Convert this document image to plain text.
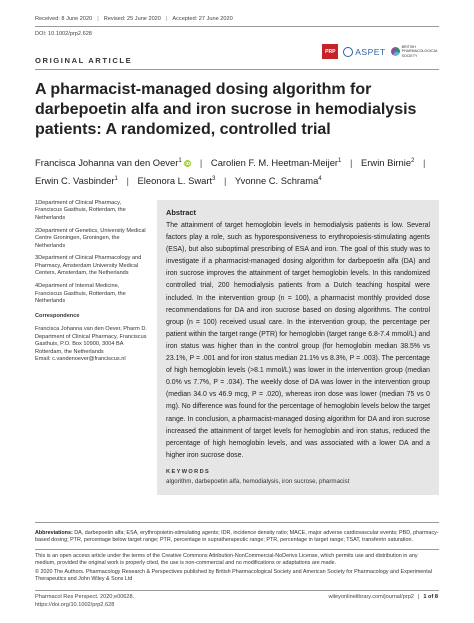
Received: 8 June 2020 | Revised: 25 June 2020 | Accepted: 27 June 2020
DOI: 10.1002/prp2.628
PRP	ASPET	BRITISH
PHARMACOLOGICAL
SOCIETY
ORIGINAL ARTICLE
A pharmacist-managed dosing algorithm for darbepoetin alfa and iron sucrose in hemodialysis patients: A randomized, controlled trial
Francisca Johanna van den Oever$^1$ iD | Carolien F. M. Heetman-Meijer$^1$ | Erwin Birnie$^2$ |
Erwin C. Vasbinder$^1$ | Eleonora L. Swart$^3$ | Yvonne C. Schrama$^4$

1Department of Clinical Pharmacy, Franciscus Gasthuis, Rotterdam, the Netherlands

2Department of Genetics, University Medical Centre Groningen, Groningen, the Netherlands

3Department of Clinical Pharmacology and Pharmacy, Amsterdam University Medical Centers, Amsterdam, the Netherlands

4Department of Internal Medicine, Franciscus Gasthuis, Rotterdam, the Netherlands

Correspondence

Francisca Johanna van den Oever, Pharm D. Department of Clinical Pharmacy, Franciscus Gasthuis, P.O. Box 10900, 3004 BA Rotterdam, the Netherlands

Email: c.vandenoever@franciscus.nl

Abstract

The attainment of target hemoglobin levels in hemodialysis patients is low. Several factors play a role, such as hyporesponsiveness to erythropoiesis-stimulating agents (ESA), but also suboptimal prescribing of ESA and iron. The goal of this study was to investigate if a pharmacist-managed dosing algorithm for darbepoetin alfa (DA) and iron sucrose improves the attainment of target hemoglobin levels. In this randomized controlled trial, 200 hemodialysis patients from a Dutch teaching hospital were included. In the intervention group (n = 100), a pharmacist monthly provided dose recommendations for DA and iron sucrose based on dosing algorithms. The control group (n = 100) received usual care. In the intervention group, the percentage per patient within the target range (PTR) for hemoglobin (target range 6.8-7.4 mmol/L) and iron status was higher than in the control group (for hemoglobin median 38.5% vs 23.1%, P = .001 and for iron status median 21.1% vs 8.3%, P = .003). The percentage of high hemoglobin levels (>8.1 mmol/L) was lower in the intervention group (median 0.0% vs 7.7%, P = .034). The weekly dose of DA was lower in the intervention group (median 34.0 vs 46.9 mcg, P = .020), whereas iron dose was lower (median 75 vs 0 mg). No difference was found for the percentage of hemoglobin levels below the target range. In conclusion, a pharmacist-managed dosing algorithm for DA and iron sucrose increased the attainment of target levels for hemoglobin and iron status, reduced the percentage of high hemoglobin levels, and was associated with a lower DA and a higher iron sucrose dose.

KEYWORDS
algorithm, darbepoetin alfa, hemodialysis, iron sucrose, pharmacist

Abbreviations: DA, darbepoetin alfa; ESA, erythropoietin-stimulating agents; IDR, incidence density ratio; MACE, major adverse cardiovascular events; PBD, pharmacy-based dosing; PTR, percentage below target range; PTR, percentage in supratherapeutic range; PTR, percentage in target range; TSAT, transferrin saturation.

This is an open access article under the terms of the Creative Commons Attribution-NonCommercial-NoDerivs License, which permits use and distribution in any medium, provided the original work is properly cited, the use is non-commercial and no modifications or adaptations are made.

© 2020 The Authors. Pharmacology Research & Perspectives published by British Pharmacological Society and American Society for Pharmacology and Experimental Therapeutics and John Wiley & Sons Ltd

Pharmacol Res Perspect. 2020;e00628.
https://doi.org/10.1002/prp2.628
wileyonlinelibrary.com/journal/prp2 | 1 of 8
